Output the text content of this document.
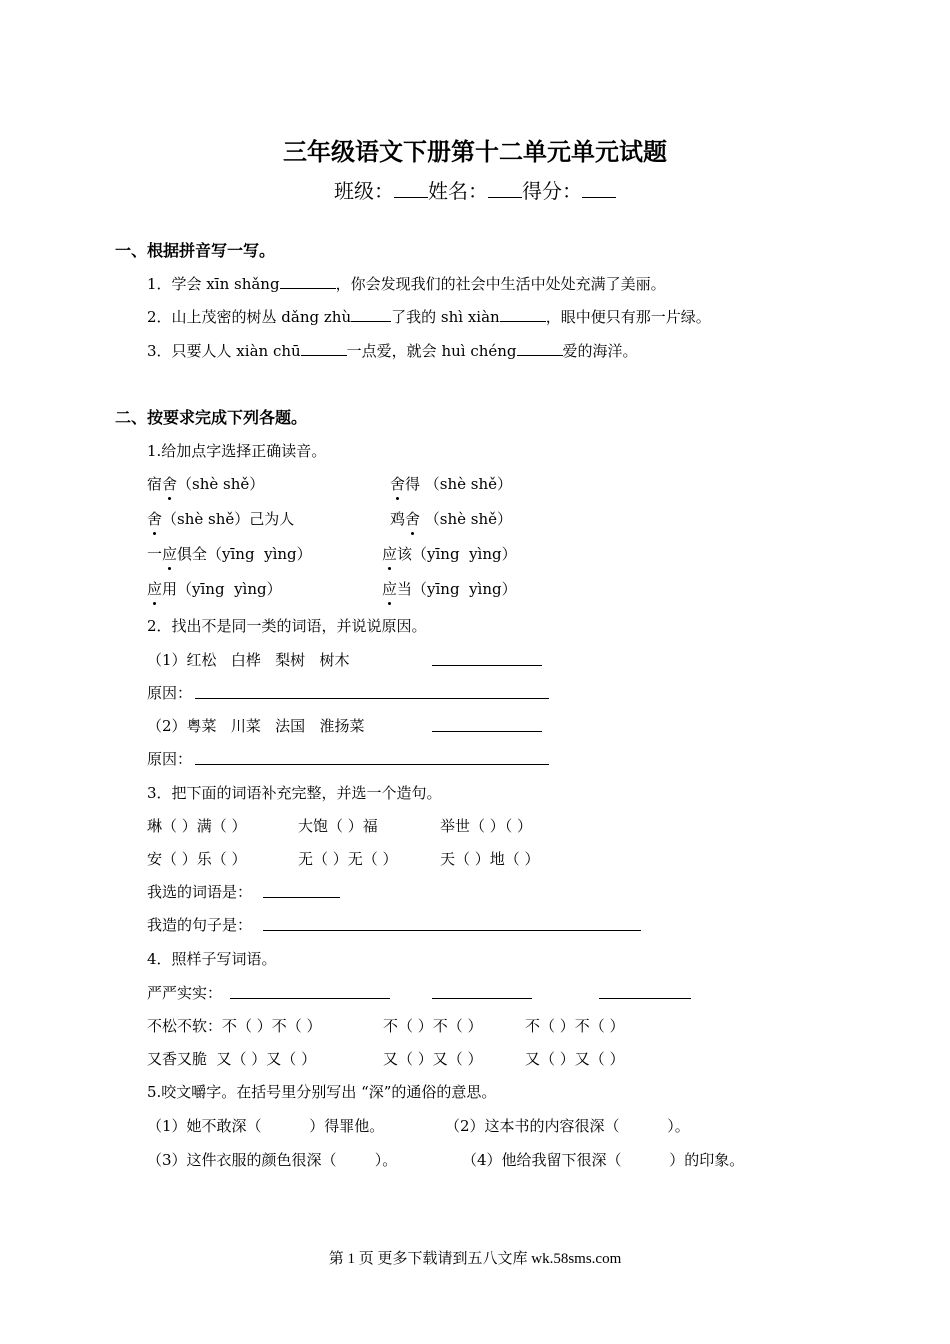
三年级语文下册第十二单元单元试题
班级： 姓名： 得分：
一、根据拼音写一写。
1．学会 xīn shǎng	，你会发现我们的社会中生活中处处充满了美丽。
2．山上茂密的树丛 dǎng zhù	了我的 shì xiàn	，眼中便只有那一片绿。
3．只要人人 xiàn chū	一点爱，就会 huì chéng	爱的海洋。
二、按要求完成下列各题。
1.给加点字选择正确读音。
宿舍（shè shě）	舍得 （shè shě）
舍（shè shě）己为人	鸡舍 （shè shě）
一应俱全（yīng  yìng）	应该（yīng  yìng）
应用（yīng  yìng）	应当（yīng  yìng）
2．找出不是同一类的词语，并说说原因。
（1）红松   白桦   梨树   树木
原因：
（2）粤菜   川菜   法国   淮扬菜
原因：
3．把下面的词语补充完整，并选一个造句。
琳（ ）满（ ）	大饱（ ）福	举世（ ）（ ）
安（ ）乐（ ）	无（ ）无（ ）	天（ ）地（ ）
我选的词语是：
我造的句子是：
4．照样子写词语。
严严实实：
不松不软：不（ ）不（ ）	不（ ）不（ ）	不（ ）不（ ）
又香又脆  又（ ）又（ ）	又（ ）又（ ）	又（ ）又（ ）
5.咬文嚼字。在括号里分别写出 “深”的通俗的意思。
（1）她不敢深（          ）得罪他。	（2）这本书的内容很深（          ）。
（3）这件衣服的颜色很深（        ）。	（4）他给我留下很深（          ）的印象。
第 1 页 更多下载请到五八文库 wk.58sms.com
